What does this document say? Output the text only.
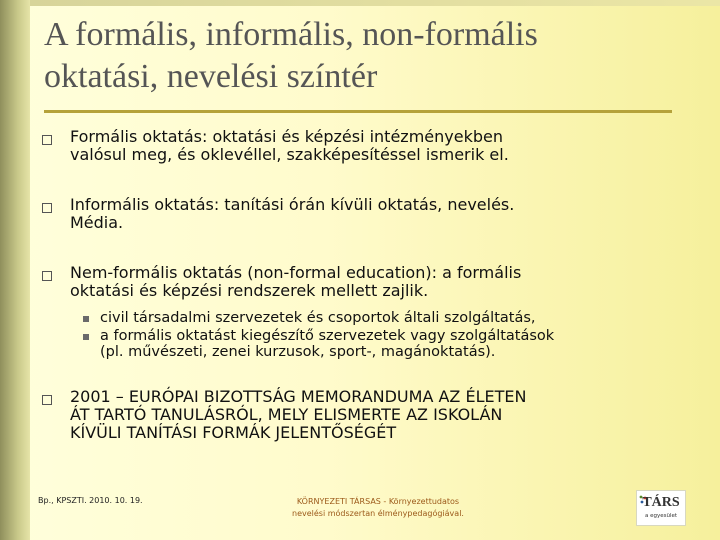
A formális, informális, non-formális
oktatási, nevelési színtér
Formális oktatás: oktatási és képzési intézményekben
valósul meg, és oklevéllel, szakképesítéssel ismerik el.
Informális oktatás: tanítási órán kívüli oktatás, nevelés.
Média.
Nem-formális oktatás (non-formal education): a formális
oktatási és képzési rendszerek mellett zajlik.
civil társadalmi szervezetek és csoportok általi szolgáltatás,
a formális oktatást kiegészítő szervezetek vagy szolgáltatások
(pl. művészeti, zenei kurzusok, sport-, magánoktatás).
2001 – EURÓPAI BIZOTTSÁG MEMORANDUMA AZ ÉLETEN
ÁT TARTÓ TANULÁSRÓL, MELY ELISMERTE AZ ISKOLÁN
KÍVÜLI TANÍTÁSI FORMÁK JELENTŐSÉGÉT
Bp., KPSZTI. 2010. 10. 19.	KÖRNYEZETI TÁRSAS - Környezettudatos
nevelési módszertan élménypedagógiával.
TÁRS
a egyesület
